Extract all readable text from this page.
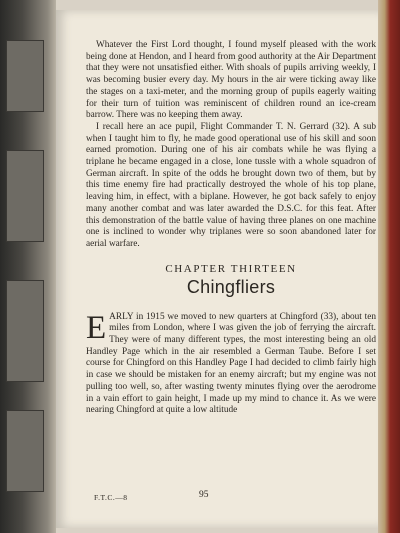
Whatever the First Lord thought, I found myself pleased with the work being done at Hendon, and I heard from good authority at the Air Department that they were not unsatisfied either. With shoals of pupils arriving weekly, I was becoming busier every day. My hours in the air were ticking away like the stages on a taxi-meter, and the morning group of pupils eagerly waiting for their turn of tuition was reminiscent of children round an ice-cream barrow. There was no keeping them away.

I recall here an ace pupil, Flight Commander T. N. Gerrard (32). A sub when I taught him to fly, he made good operational use of his skill and soon earned promotion. During one of his air combats while he was flying a triplane he became engaged in a close, lone tussle with a whole squadron of German aircraft. In spite of the odds he brought down two of them, but by this time enemy fire had practically destroyed the whole of his top plane, leaving him, in effect, with a biplane. However, he got back safely to enjoy many another combat and was later awarded the D.S.C. for this feat. After this demonstration of the battle value of having three planes on one machine one is inclined to wonder why triplanes were so soon abandoned later for aerial warfare.

CHAPTER THIRTEEN
Chingfliers

EARLY in 1915 we moved to new quarters at Chingford (33), about ten miles from London, where I was given the job of ferrying the aircraft. They were of many different types, the most interesting being an old Handley Page which in the air resembled a German Taube. Before I set course for Chingford on this Handley Page I had decided to climb fairly high in case we should be mistaken for an enemy aircraft; but my engine was not pulling too well, so, after wasting twenty minutes flying over the aerodrome in a vain effort to gain height, I made up my mind to chance it. As we were nearing Chingford at quite a low altitude

F.T.C.—8	95
